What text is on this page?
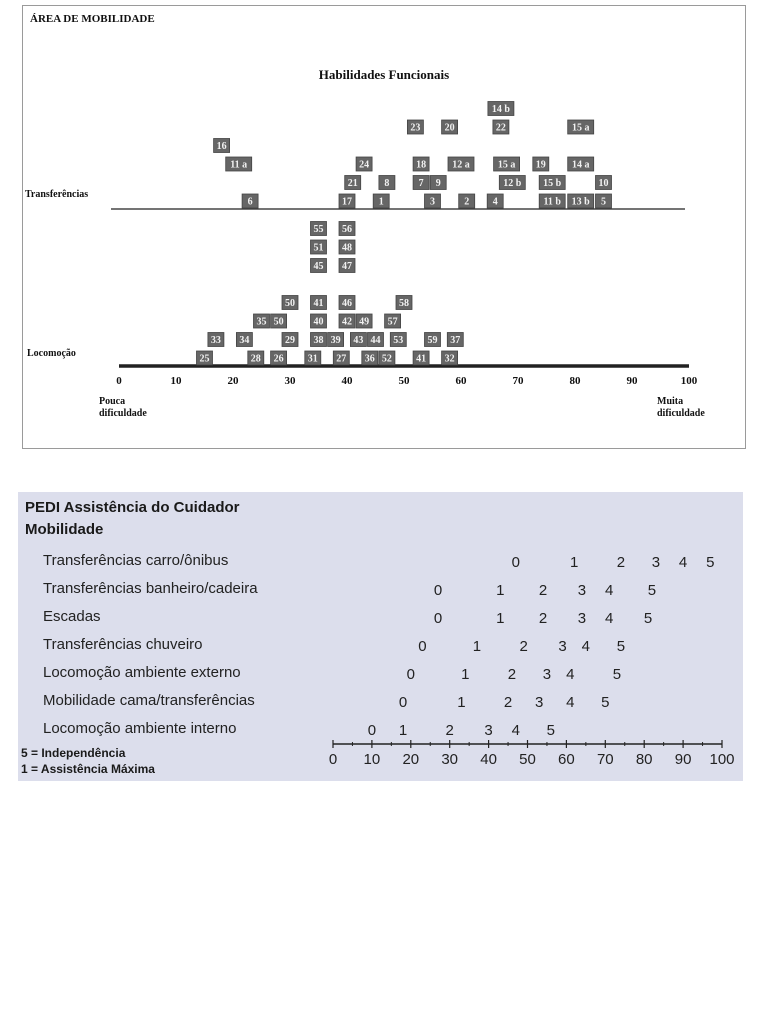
ÁREA DE MOBILIDADE
Habilidades Funcionais
Transferências
16
11 a
6
24
21
17
23
18
8	7 9
1	3
20
12 a
2
14 b
22
15 a
12 b
4
19
15 b
11 b
15 a
14 a
13 b
10
5
Locomoção	25
33 34
28
35
26
50
29
50
55
51
45
41
40
38
31
56
48
47
46
42
39
27
43
49
44
36
58
57
53
52 41
59 37
32
0	10	20	30	40	50	60	70	80	90	100
Pouca
dificuldade
Muita
dificuldade
PEDI Assistência do Cuidador
Mobilidade
Transferências carro/ônibus	0	1	2 3 4 5
Transferências banheiro/cadeira	0	1 2 3 4 5
Escadas	0	1 2 3 4 5
Transferências chuveiro	0	1	2 3 4 5
Locomoção ambiente externo	0	1	2 3 4	5
Mobilidade cama/transferências	0	1	2 3 4 5
Locomoção ambiente interno	0 1	2 3 4 5
0 10 20 30 40 50 60 70 80 90 100
5 = Independência
1 = Assistência Máxima
